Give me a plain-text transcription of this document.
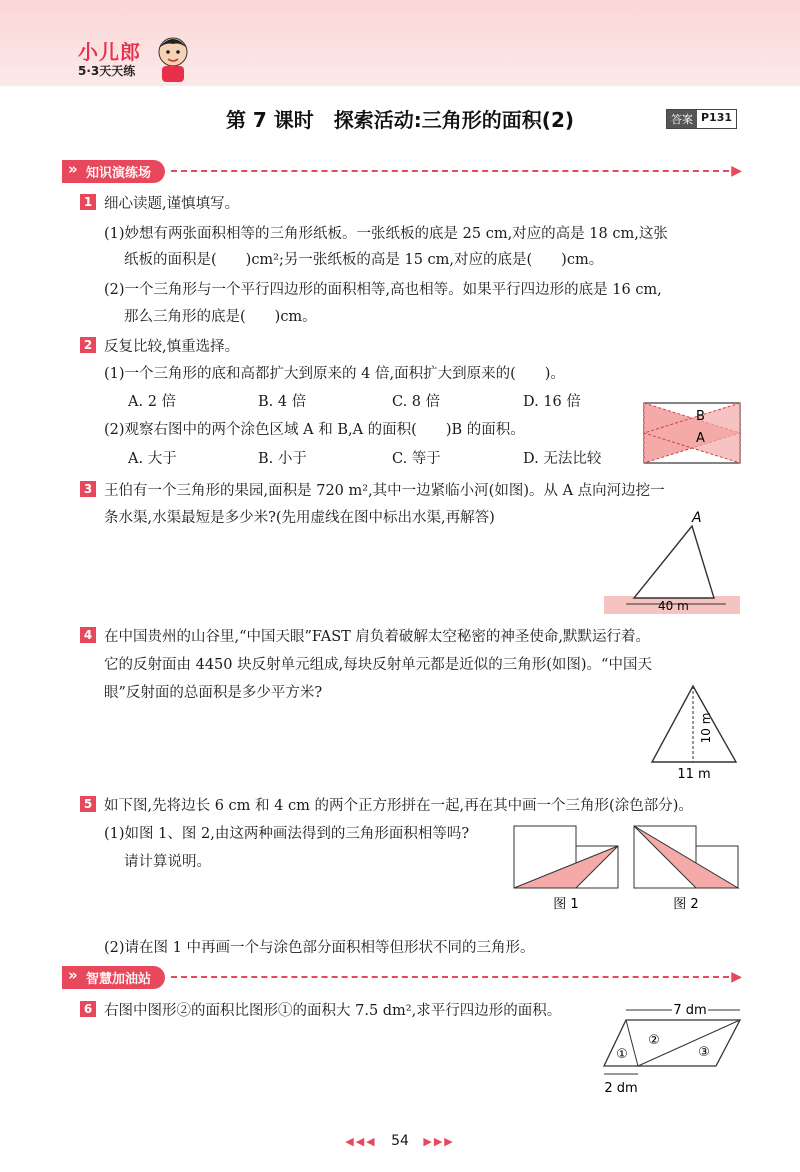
小儿郎
5·3天天练
第 7 课时　探索活动:三角形的面积(2)	答案 P131
» 知识演练场	▶
1 细心读题,谨慎填写。
(1)妙想有两张面积相等的三角形纸板。一张纸板的底是 25 cm,对应的高是 18 cm,这张
纸板的面积是(　　)cm²;另一张纸板的高是 15 cm,对应的底是(　　)cm。
(2)一个三角形与一个平行四边形的面积相等,高也相等。如果平行四边形的底是 16 cm,
那么三角形的底是(　　)cm。
2 反复比较,慎重选择。
(1)一个三角形的底和高都扩大到原来的 4 倍,面积扩大到原来的(　　)。
A. 2 倍	B. 4 倍	C. 8 倍	D. 16 倍
(2)观察右图中的两个涂色区域 A 和 B,A 的面积(　　)B 的面积。
A. 大于	B. 小于	C. 等于	D. 无法比较
B
A
3 王伯有一个三角形的果园,面积是 720 m²,其中一边紧临小河(如图)。从 A 点向河边挖一
条水渠,水渠最短是多少米?(先用虚线在图中标出水渠,再解答)	A
40 m
4 在中国贵州的山谷里,“中国天眼”FAST 肩负着破解太空秘密的神圣使命,默默运行着。
它的反射面由 4450 块反射单元组成,每块反射单元都是近似的三角形(如图)。“中国天
眼”反射面的总面积是多少平方米?
10 m
11 m
5 如下图,先将边长 6 cm 和 4 cm 的两个正方形拼在一起,再在其中画一个三角形(涂色部分)。
(1)如图 1、图 2,由这两种画法得到的三角形面积相等吗?
请计算说明。
图 1	图 2
(2)请在图 1 中再画一个与涂色部分面积相等但形状不同的三角形。
» 智慧加油站	▶
6 右图中图形②的面积比图形①的面积大 7.5 dm²,求平行四边形的面积。	7 dm
①
②
③
2 dm
◀◀◀ 54 ▶▶▶
